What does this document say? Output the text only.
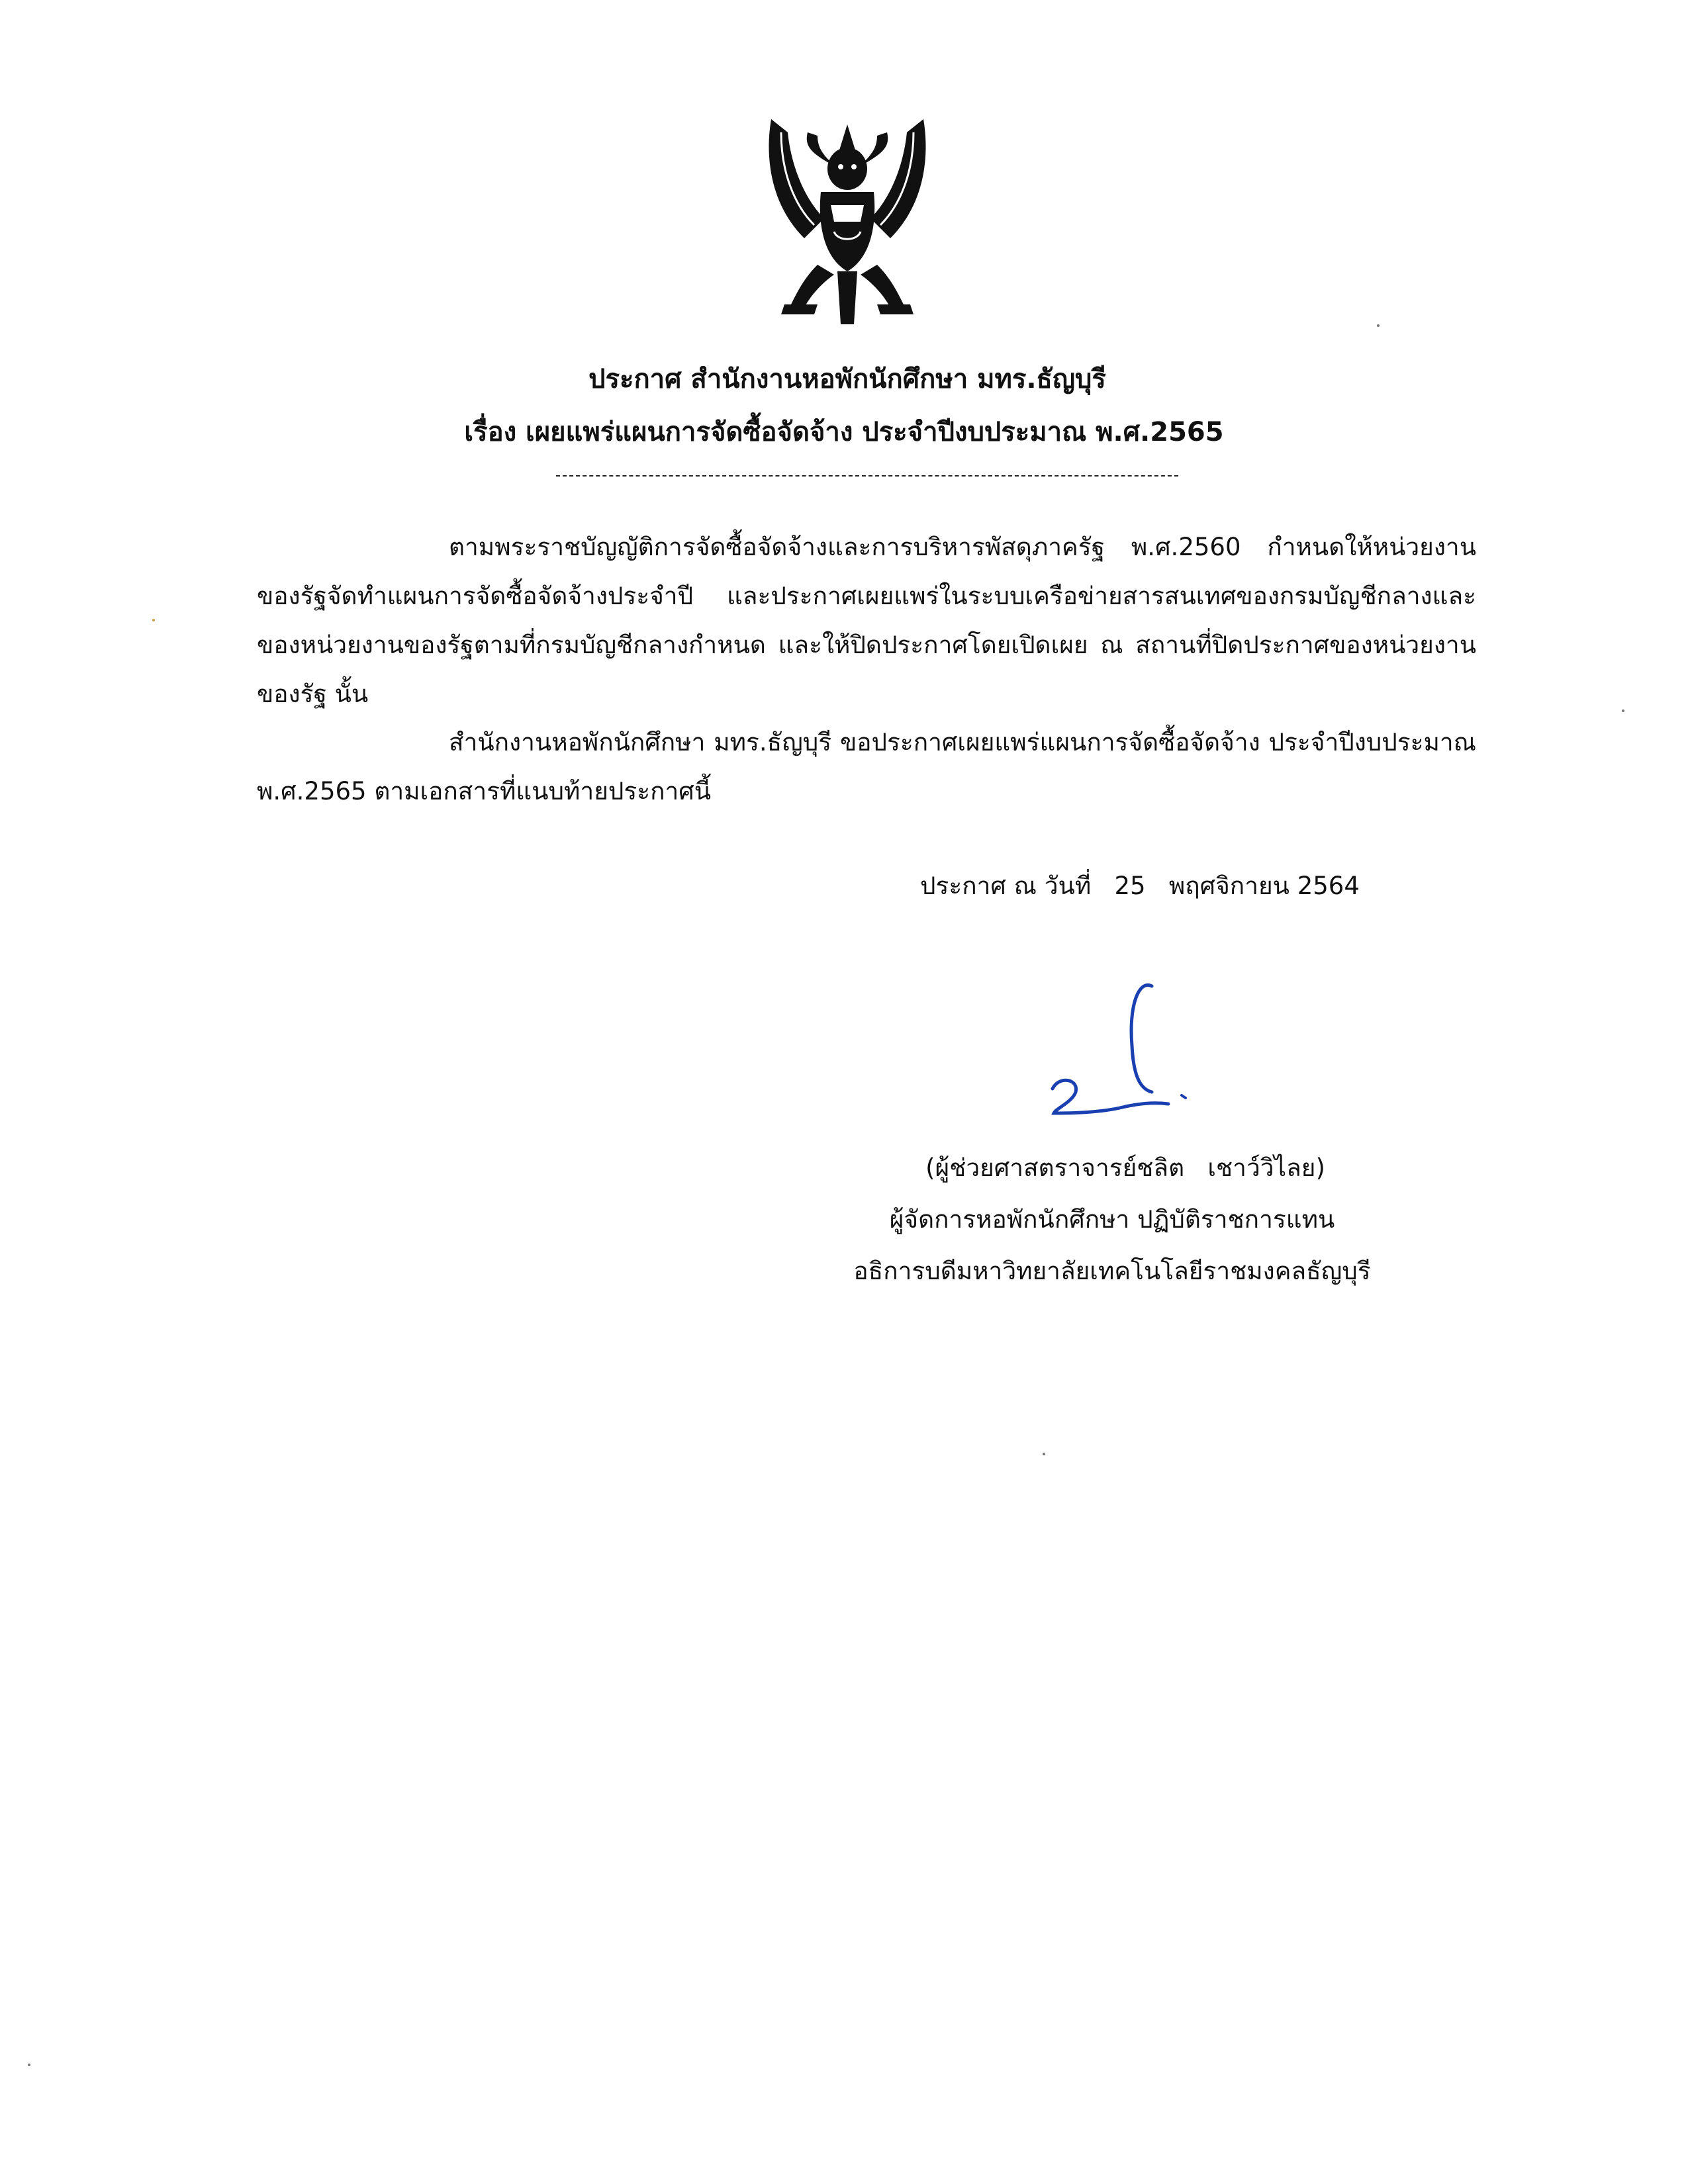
ประกาศ สำนักงานหอพักนักศึกษา มทร.ธัญบุรี
เรื่อง เผยแพร่แผนการจัดซื้อจัดจ้าง ประจำปีงบประมาณ พ.ศ.2565
ตามพระราชบัญญัติการจัดซื้อจัดจ้างและการบริหารพัสดุภาครัฐ พ.ศ.2560 กำหนดให้หน่วยงานของรัฐจัดทำแผนการจัดซื้อจัดจ้างประจำปี และประกาศเผยแพร่ในระบบเครือข่ายสารสนเทศของกรมบัญชีกลางและของหน่วยงานของรัฐตามที่กรมบัญชีกลางกำหนด และให้ปิดประกาศโดยเปิดเผย ณ สถานที่ปิดประกาศของหน่วยงานของรัฐ นั้น
สำนักงานหอพักนักศึกษา มทร.ธัญบุรี ขอประกาศเผยแพร่แผนการจัดซื้อจัดจ้าง ประจำปีงบประมาณ พ.ศ.2565 ตามเอกสารที่แนบท้ายประกาศนี้
ประกาศ ณ วันที่   25   พฤศจิกายน 2564
(ผู้ช่วยศาสตราจารย์ชลิต   เชาว์วิไลย)
ผู้จัดการหอพักนักศึกษา ปฏิบัติราชการแทน
อธิการบดีมหาวิทยาลัยเทคโนโลยีราชมงคลธัญบุรี
